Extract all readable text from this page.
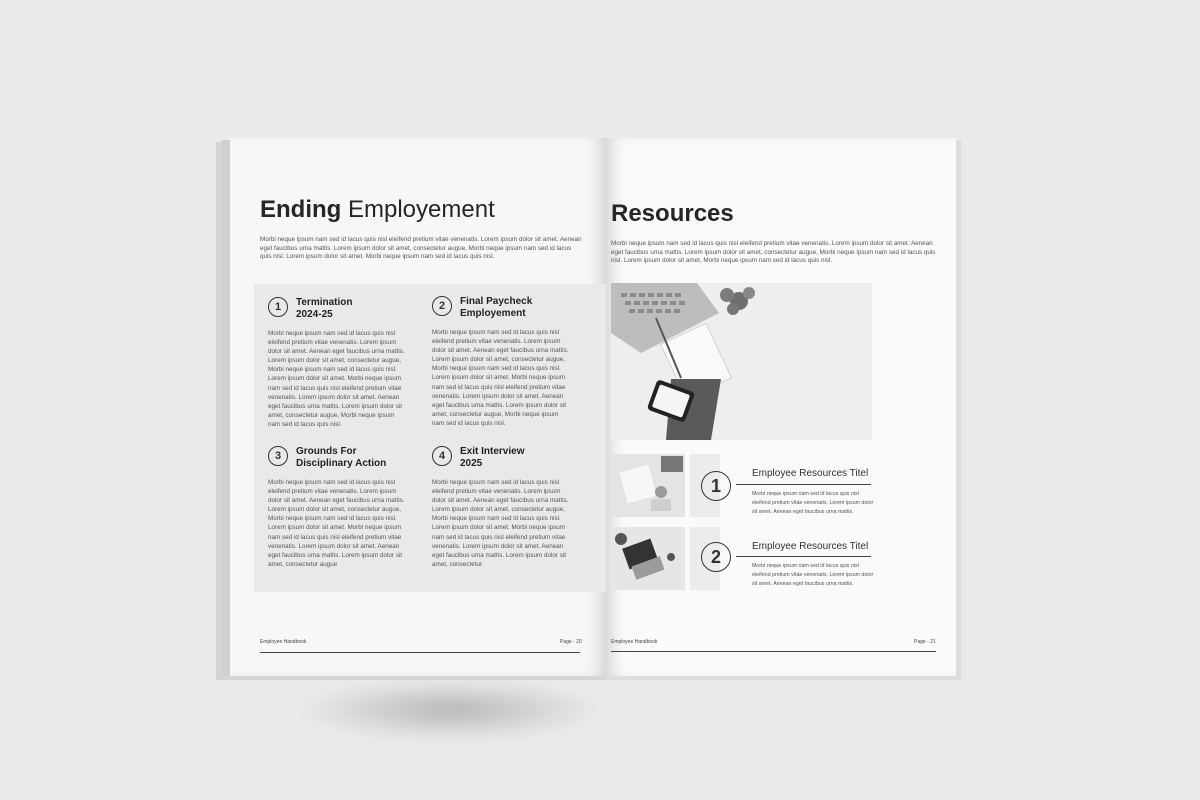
Ending Employement
Morbi neque ipsum nam sed id lacus quis nisl eleifend pretium vitae venenatis. Lorem ipsum dolor sit amet. Aenean eget faucibus urna mattis. Lorem ipsum dolor sit amet, consectetur augue, Morbi neque ipsum nam sed id lacus quis nisl. Lorem ipsum dolor sit amet. Morbi neque ipsum nam sed id lacus quis nisl.
1	Termination
2024-25
Morbi neque ipsum nam sed id lacus quis nisl eleifend pretium vitae venenatis. Lorem ipsum dolor sit amet. Aenean eget faucibus urna mattis. Lorem ipsum dolor sit amet, consectetur augue, Morbi neque ipsum nam sed id lacus quis nisl. Lorem ipsum dolor sit amet. Morbi neque ipsum nam sed id lacus quis nisl eleifend pretium vitae venenatis. Lorem ipsum dolor sit amet. Aenean eget faucibus urna mattis. Lorem ipsum dolor sit amet, consectetur augue, Morbi neque ipsum nam sed id lacus quis nisl.
2	Final Paycheck
Employement
Morbi neque ipsum nam sed id lacus quis nisl eleifend pretium vitae venenatis. Lorem ipsum dolor sit amet. Aenean eget faucibus urna mattis. Lorem ipsum dolor sit amet, consectetur augue, Morbi neque ipsum nam sed id lacus quis nisl. Lorem ipsum dolor sit amet. Morbi neque ipsum nam sed id lacus quis nisl eleifend pretium vitae venenatis. Lorem ipsum dolor sit amet. Aenean eget faucibus urna mattis. Lorem ipsum dolor sit amet, consectetur augue, Morbi neque ipsum nam sed id lacus quis nisl.
3	Grounds For
Disciplinary Action
Morbi neque ipsum nam sed id lacus quis nisl eleifend pretium vitae venenatis. Lorem ipsum dolor sit amet. Aenean eget faucibus urna mattis. Lorem ipsum dolor sit amet, consectetur augue, Morbi neque ipsum nam sed id lacus quis nisl. Lorem ipsum dolor sit amet. Morbi neque ipsum nam sed id lacus quis nisl eleifend pretium vitae venenatis. Lorem ipsum dolor sit amet. Aenean eget faucibus urna mattis. Lorem ipsum dolor sit amet, consectetur augue
4	Exit Interview
2025
Morbi neque ipsum nam sed id lacus quis nisl eleifend pretium vitae venenatis. Lorem ipsum dolor sit amet. Aenean eget faucibus urna mattis. Lorem ipsum dolor sit amet, consectetur augue, Morbi neque ipsum nam sed id lacus quis nisl. Lorem ipsum dolor sit amet. Morbi neque ipsum nam sed id lacus quis nisl eleifend pretium vitae venenatis. Lorem ipsum dolor sit amet. Aenean eget faucibus urna mattis. Lorem ipsum dolor sit amet, consectetur.
Employee Handbook	Page - 20
Resources
Morbi neque ipsum nam sed id lacus quis nisl eleifend pretium vitae venenatis. Lorem ipsum dolor sit amet. Aenean eget faucibus urna mattis. Lorem ipsum dolor sit amet, consectetur augue, Morbi neque ipsum nam sed id lacus quis nisl. Lorem ipsum dolor sit amet. Morbi neque ipsum nam sed id lacus quis nisl.
1
Employee Resources Titel
Morbi neque ipsum nam sed id lacus quis nisl eleifend pretium vitae venenatis. Lorem ipsum dolor sit amet. Aenean eget faucibus urna mattis.
2
Employee Resources Titel
Morbi neque ipsum nam sed id lacus quis nisl eleifend pretium vitae venenatis. Lorem ipsum dolor sit amet. Aenean eget faucibus urna mattis.
Employee Handbook	Page - 21
